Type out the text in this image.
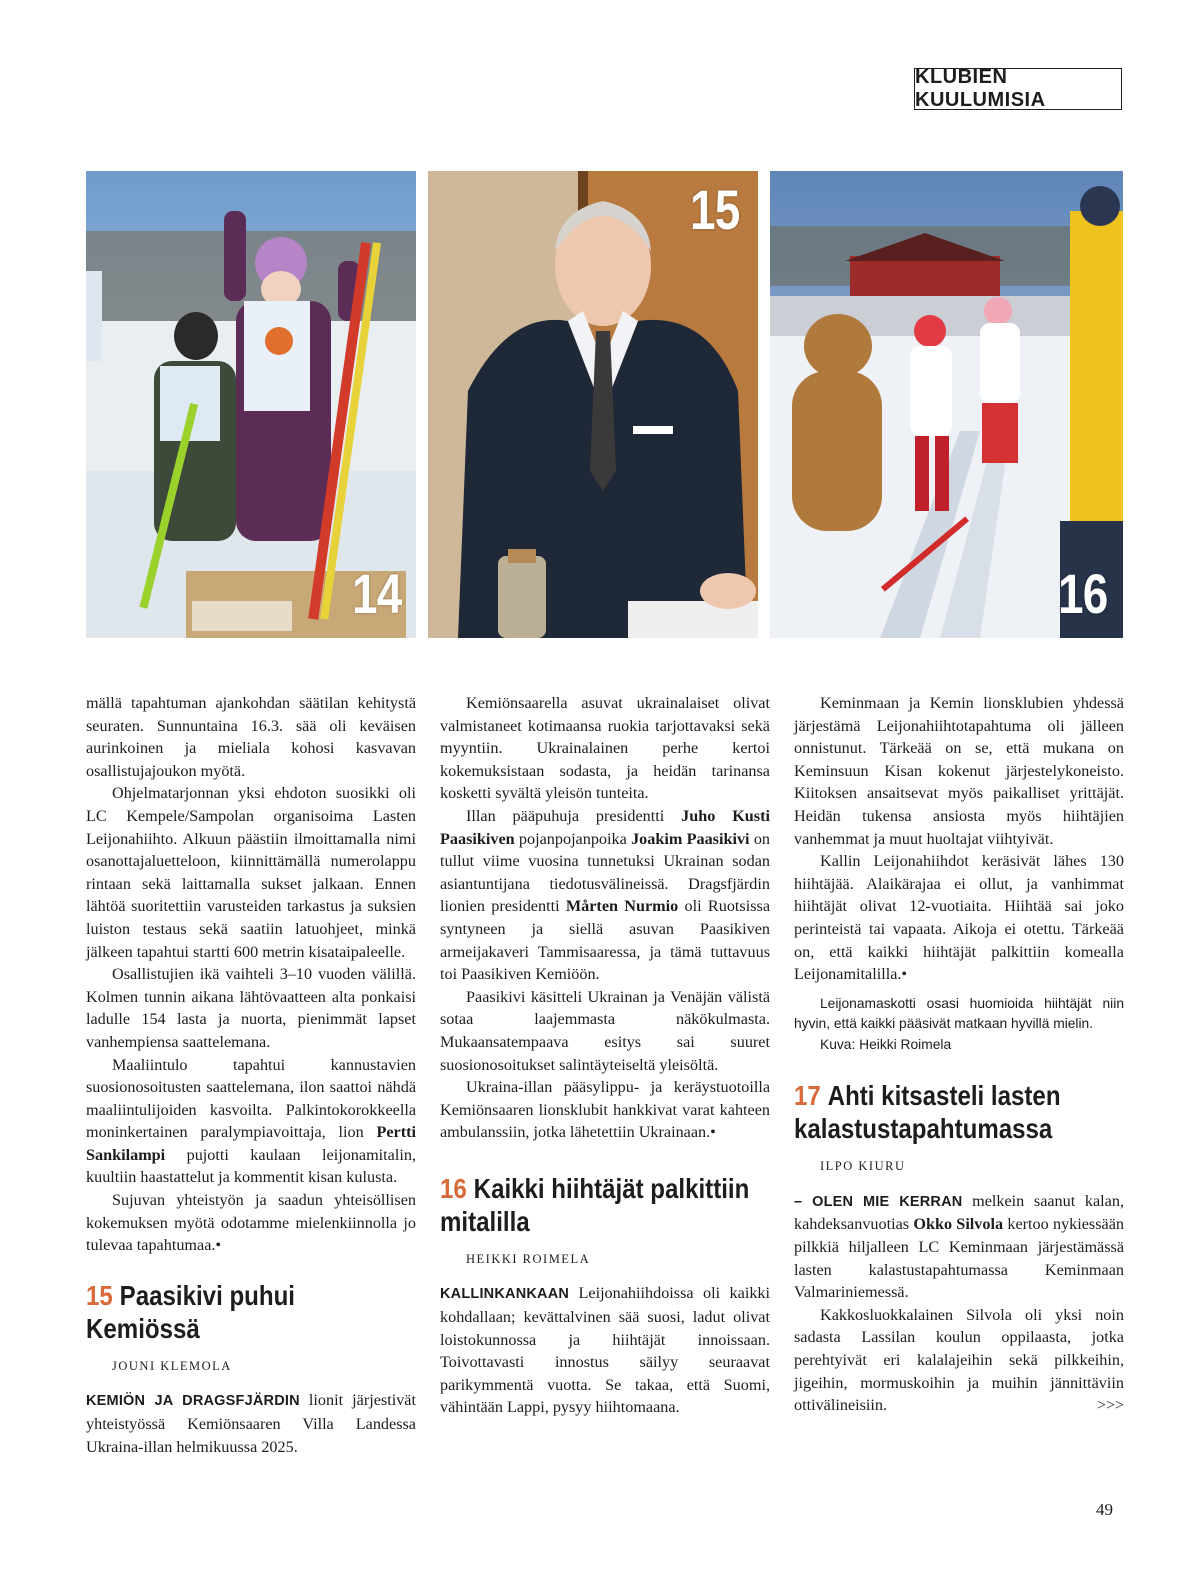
KLUBIEN KUULUMISIA
14
15
16

mällä tapahtuman ajankohdan säätilan kehitystä seuraten. Sunnuntaina 16.3. sää oli keväisen aurinkoinen ja mieliala kohosi kasvavan osallistujajoukon myötä.

Ohjelmatarjonnan yksi ehdoton suosikki oli LC Kempele/Sampolan organisoima Lasten Leijonahiihto. Alkuun päästiin ilmoittamalla nimi osanottajaluetteloon, kiinnittämällä numerolappu rintaan sekä laittamalla sukset jalkaan. Ennen lähtöä suoritettiin varusteiden tarkastus ja suksien luiston testaus sekä saatiin latuohjeet, minkä jälkeen tapahtui startti 600 metrin kisataipaleelle.

Osallistujien ikä vaihteli 3–10 vuoden välillä. Kolmen tunnin aikana lähtövaatteen alta ponkaisi ladulle 154 lasta ja nuorta, pienimmät lapset vanhempiensa saattelemana.

Maaliintulo tapahtui kannustavien suosionosoitusten saattelemana, ilon saattoi nähdä maaliintulijoiden kasvoilta. Palkintokorokkeella moninkertainen paralympiavoittaja, lion Pertti Sankilampi pujotti kaulaan leijonamitalin, kuultiin haastattelut ja kommentit kisan kulusta.

Sujuvan yhteistyön ja saadun yhteisöllisen kokemuksen myötä odotamme mielenkiinnolla jo tulevaa tapahtumaa.•

15 Paasikivi puhui Kemiössä

JOUNI KLEMOLA

KEMIÖN JA DRAGSFJÄRDIN lionit järjestivät yhteistyössä Kemiönsaaren Villa Landessa Ukraina-illan helmikuussa 2025.

Kemiönsaarella asuvat ukrainalaiset olivat valmistaneet kotimaansa ruokia tarjottavaksi sekä myyntiin. Ukrainalainen perhe kertoi kokemuksistaan sodasta, ja heidän tarinansa kosketti syvältä yleisön tunteita.

Illan pääpuhuja presidentti Juho Kusti Paasikiven pojanpojanpoika Joakim Paasikivi on tullut viime vuosina tunnetuksi Ukrainan sodan asiantuntijana tiedotusvälineissä. Dragsfjärdin lionien presidentti Mårten Nurmio oli Ruotsissa syntyneen ja siellä asuvan Paasikiven armeijakaveri Tammisaaressa, ja tämä tuttavuus toi Paasikiven Kemiöön.

Paasikivi käsitteli Ukrainan ja Venäjän välistä sotaa laajemmasta näkökulmasta. Mukaansatempaava esitys sai suuret suosionosoitukset salintäyteiseltä yleisöltä.

Ukraina-illan pääsylippu- ja keräystuotoilla Kemiönsaaren lionsklubit hankkivat varat kahteen ambulanssiin, jotka lähetettiin Ukrainaan.•

16 Kaikki hiihtäjät palkittiin mitalilla

HEIKKI ROIMELA

KALLINKANKAAN Leijonahiihdoissa oli kaikki kohdallaan; kevättalvinen sää suosi, ladut olivat loistokunnossa ja hiihtäjät innoissaan. Toivottavasti innostus säilyy seuraavat parikymmentä vuotta. Se takaa, että Suomi, vähintään Lappi, pysyy hiihtomaana.

Keminmaan ja Kemin lionsklubien yhdessä järjestämä Leijonahiihtotapahtuma oli jälleen onnistunut. Tärkeää on se, että mukana on Keminsuun Kisan kokenut järjestelykoneisto. Kiitoksen ansaitsevat myös paikalliset yrittäjät. Heidän tukensa ansiosta myös hiihtäjien vanhemmat ja muut huoltajat viihtyivät.

Kallin Leijonahiihdot keräsivät lähes 130 hiihtäjää. Alaikärajaa ei ollut, ja vanhimmat hiihtäjät olivat 12-vuotiaita. Hiihtää sai joko perinteistä tai vapaata. Aikoja ei otettu. Tärkeää on, että kaikki hiihtäjät palkittiin komealla Leijonamitalilla.•

Leijonamaskotti osasi huomioida hiihtäjät niin hyvin, että kaikki pääsivät matkaan hyvillä mielin.

Kuva: Heikki Roimela

17 Ahti kitsasteli lasten kalastustapahtumassa

ILPO KIURU

– OLEN MIE KERRAN melkein saanut kalan, kahdeksanvuotias Okko Silvola kertoo nykiessään pilkkiä hiljalleen LC Keminmaan järjestämässä lasten kalastustapahtumassa Keminmaan Valmariniemessä.

Kakkosluokkalainen Silvola oli yksi noin sadasta Lassilan koulun oppilaasta, jotka perehtyivät eri kalalajeihin sekä pilkkeihin, jigeihin, mormuskoihin ja muihin jännittäviin ottivälineisiin.	>>>
49
